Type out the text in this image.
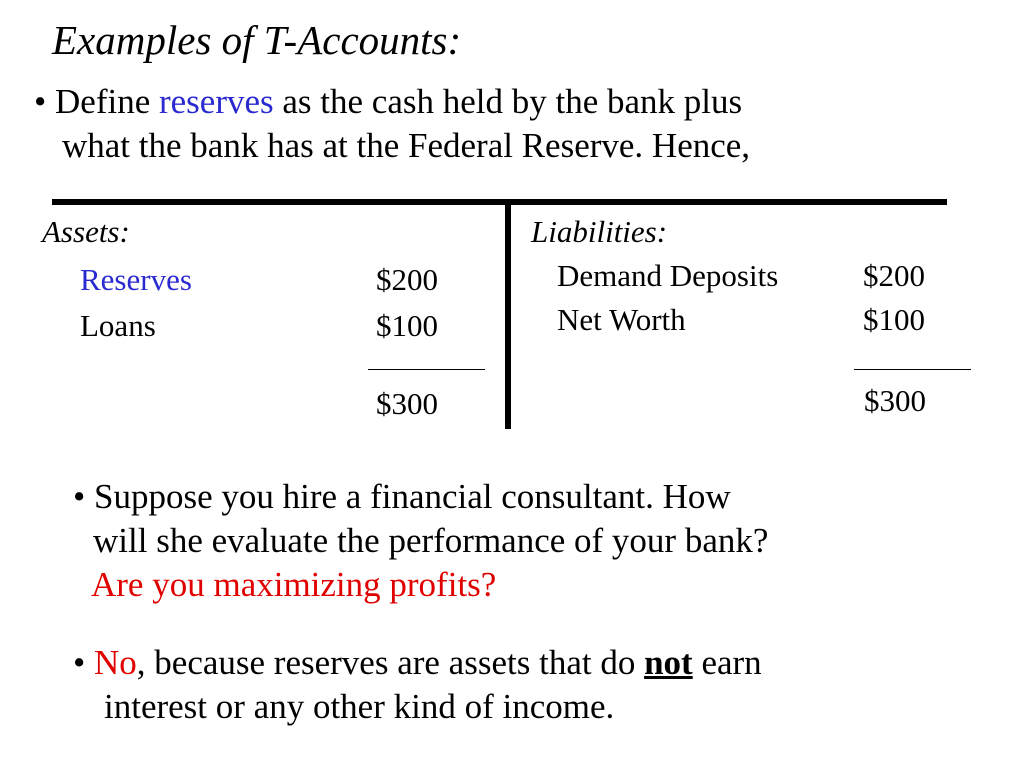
Examples of T-Accounts:
• Define reserves as the cash held by the bank plus
what the bank has at the Federal Reserve. Hence,
Assets:
Reserves	$200
Loans	$100
$300
Liabilities:
Demand Deposits	$200
Net Worth	$100
$300
• Suppose you hire a financial consultant. How
will she evaluate the performance of your bank?
Are you maximizing profits?
• No, because reserves are assets that do not earn
interest or any other kind of income.
